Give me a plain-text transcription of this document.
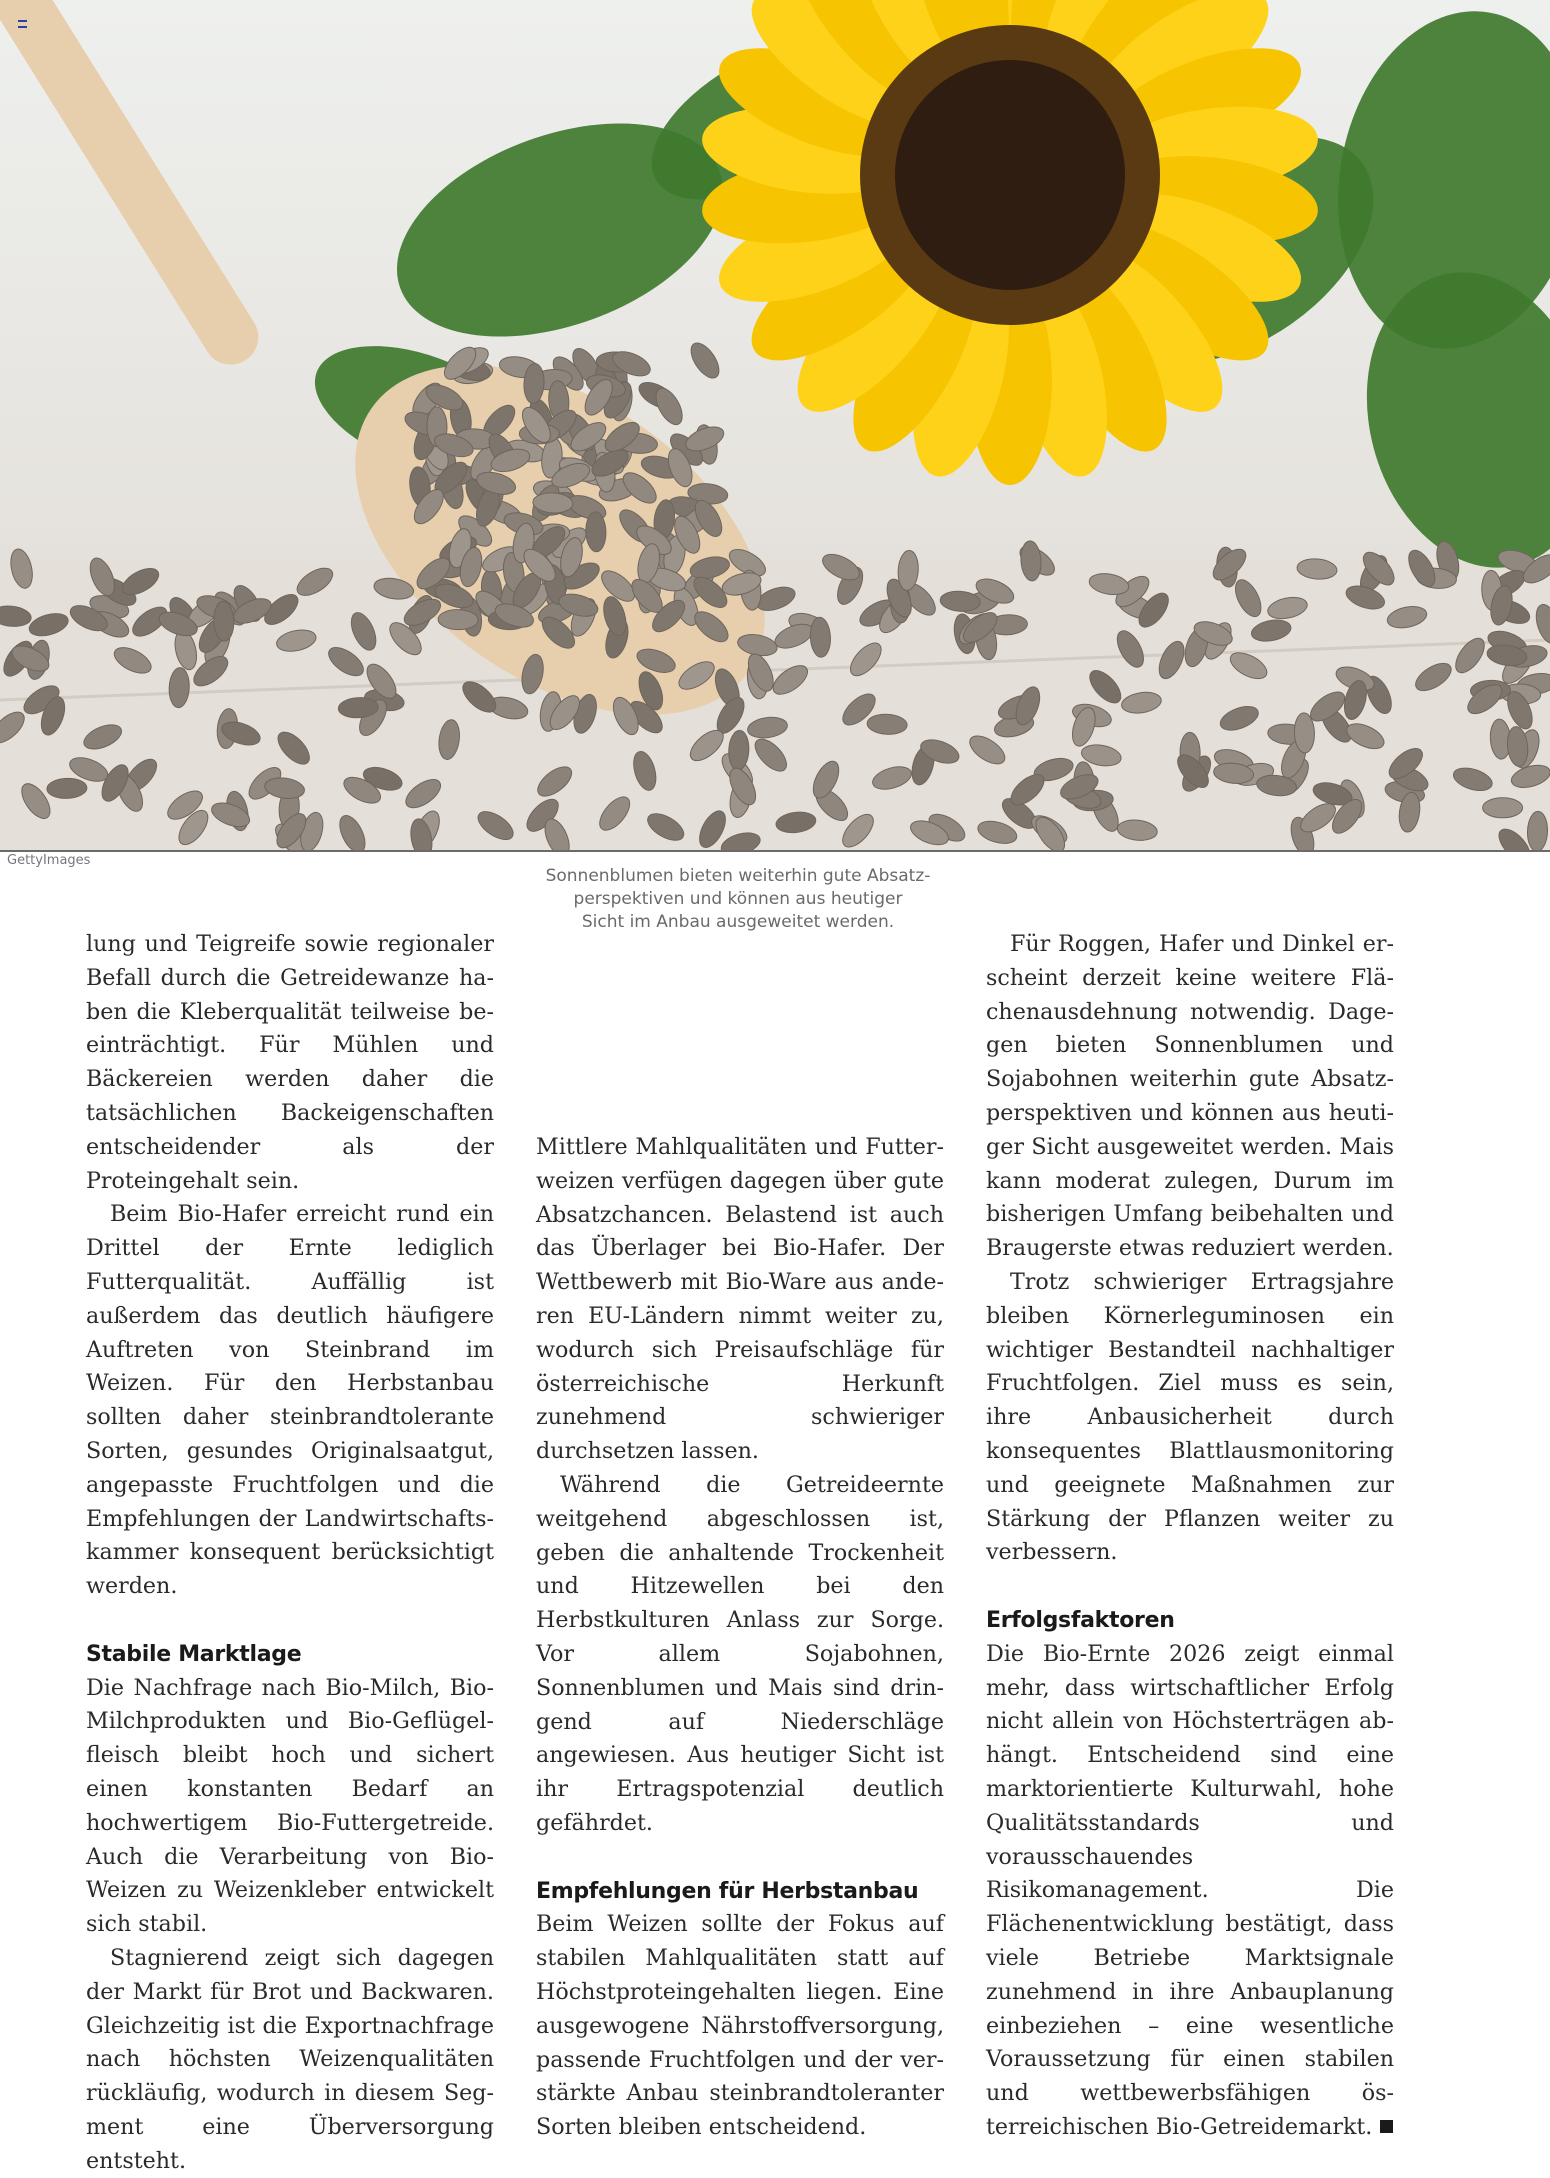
GettyImages
Sonnenblumen bieten weiterhin gute Absatz-
perspektiven und können aus heutiger
Sicht im Anbau ausgeweitet werden.

lung und Teigreife sowie regionaler Befall durch die Getreidewanze haben die Kleberqualität teilweise beeinträchtigt. Für Mühlen und Bäckereien werden daher die tatsächlichen Backeigenschaften entscheidender als der Proteingehalt sein.

Beim Bio-Hafer erreicht rund ein Drittel der Ernte lediglich Futterqualität. Auffällig ist außerdem das deutlich häufigere Auftreten von Steinbrand im Weizen. Für den Herbstanbau sollten daher steinbrandtolerante Sorten, gesundes Originalsaatgut, angepasste Fruchtfolgen und die Empfehlungen der Landwirtschaftskammer konsequent berücksichtigt werden.

Stabile Marktlage

Die Nachfrage nach Bio-Milch, Bio-Milchprodukten und Bio-Geflügelfleisch bleibt hoch und sichert einen konstanten Bedarf an hochwertigem Bio-Futtergetreide. Auch die Verarbeitung von Bio-Weizen zu Weizenkleber entwickelt sich stabil.

Stagnierend zeigt sich dagegen der Markt für Brot und Backwaren. Gleichzeitig ist die Exportnachfrage nach höchsten Weizenqualitäten rückläufig, wodurch in diesem Segment eine Überversorgung entsteht.

Mittlere Mahlqualitäten und Futterweizen verfügen dagegen über gute Absatzchancen. Belastend ist auch das Überlager bei Bio-Hafer. Der Wettbewerb mit Bio-Ware aus anderen EU-Ländern nimmt weiter zu, wodurch sich Preisaufschläge für österreichische Herkunft zunehmend schwieriger durchsetzen lassen.

Während die Getreideernte weitgehend abgeschlossen ist, geben die anhaltende Trockenheit und Hitzewellen bei den Herbstkulturen Anlass zur Sorge. Vor allem Sojabohnen, Sonnenblumen und Mais sind dringend auf Niederschläge angewiesen. Aus heutiger Sicht ist ihr Ertragspotenzial deutlich gefährdet.

Empfehlungen für Herbstanbau

Beim Weizen sollte der Fokus auf stabilen Mahlqualitäten statt auf Höchstproteingehalten liegen. Eine ausgewogene Nährstoffversorgung, passende Fruchtfolgen und der verstärkte Anbau steinbrandtoleranter Sorten bleiben entscheidend.

Für Roggen, Hafer und Dinkel erscheint derzeit keine weitere Flächenausdehnung notwendig. Dagegen bieten Sonnenblumen und Sojabohnen weiterhin gute Absatzperspektiven und können aus heutiger Sicht ausgeweitet werden. Mais kann moderat zulegen, Durum im bisherigen Umfang beibehalten und Braugerste etwas reduziert werden.

Trotz schwieriger Ertragsjahre bleiben Körnerleguminosen ein wichtiger Bestandteil nachhaltiger Fruchtfolgen. Ziel muss es sein, ihre Anbausicherheit durch konsequentes Blattlausmonitoring und geeignete Maßnahmen zur Stärkung der Pflanzen weiter zu verbessern.

Erfolgsfaktoren

Die Bio-Ernte 2026 zeigt einmal mehr, dass wirtschaftlicher Erfolg nicht allein von Höchsterträgen abhängt. Entscheidend sind eine marktorientierte Kulturwahl, hohe Qualitätsstandards und vorausschauendes Risikomanagement. Die Flächenentwicklung bestätigt, dass viele Betriebe Marktsignale zunehmend in ihre Anbauplanung einbeziehen – eine wesentliche Voraussetzung für einen stabilen und wettbewerbsfähigen österreichischen Bio-Getreidemarkt.
